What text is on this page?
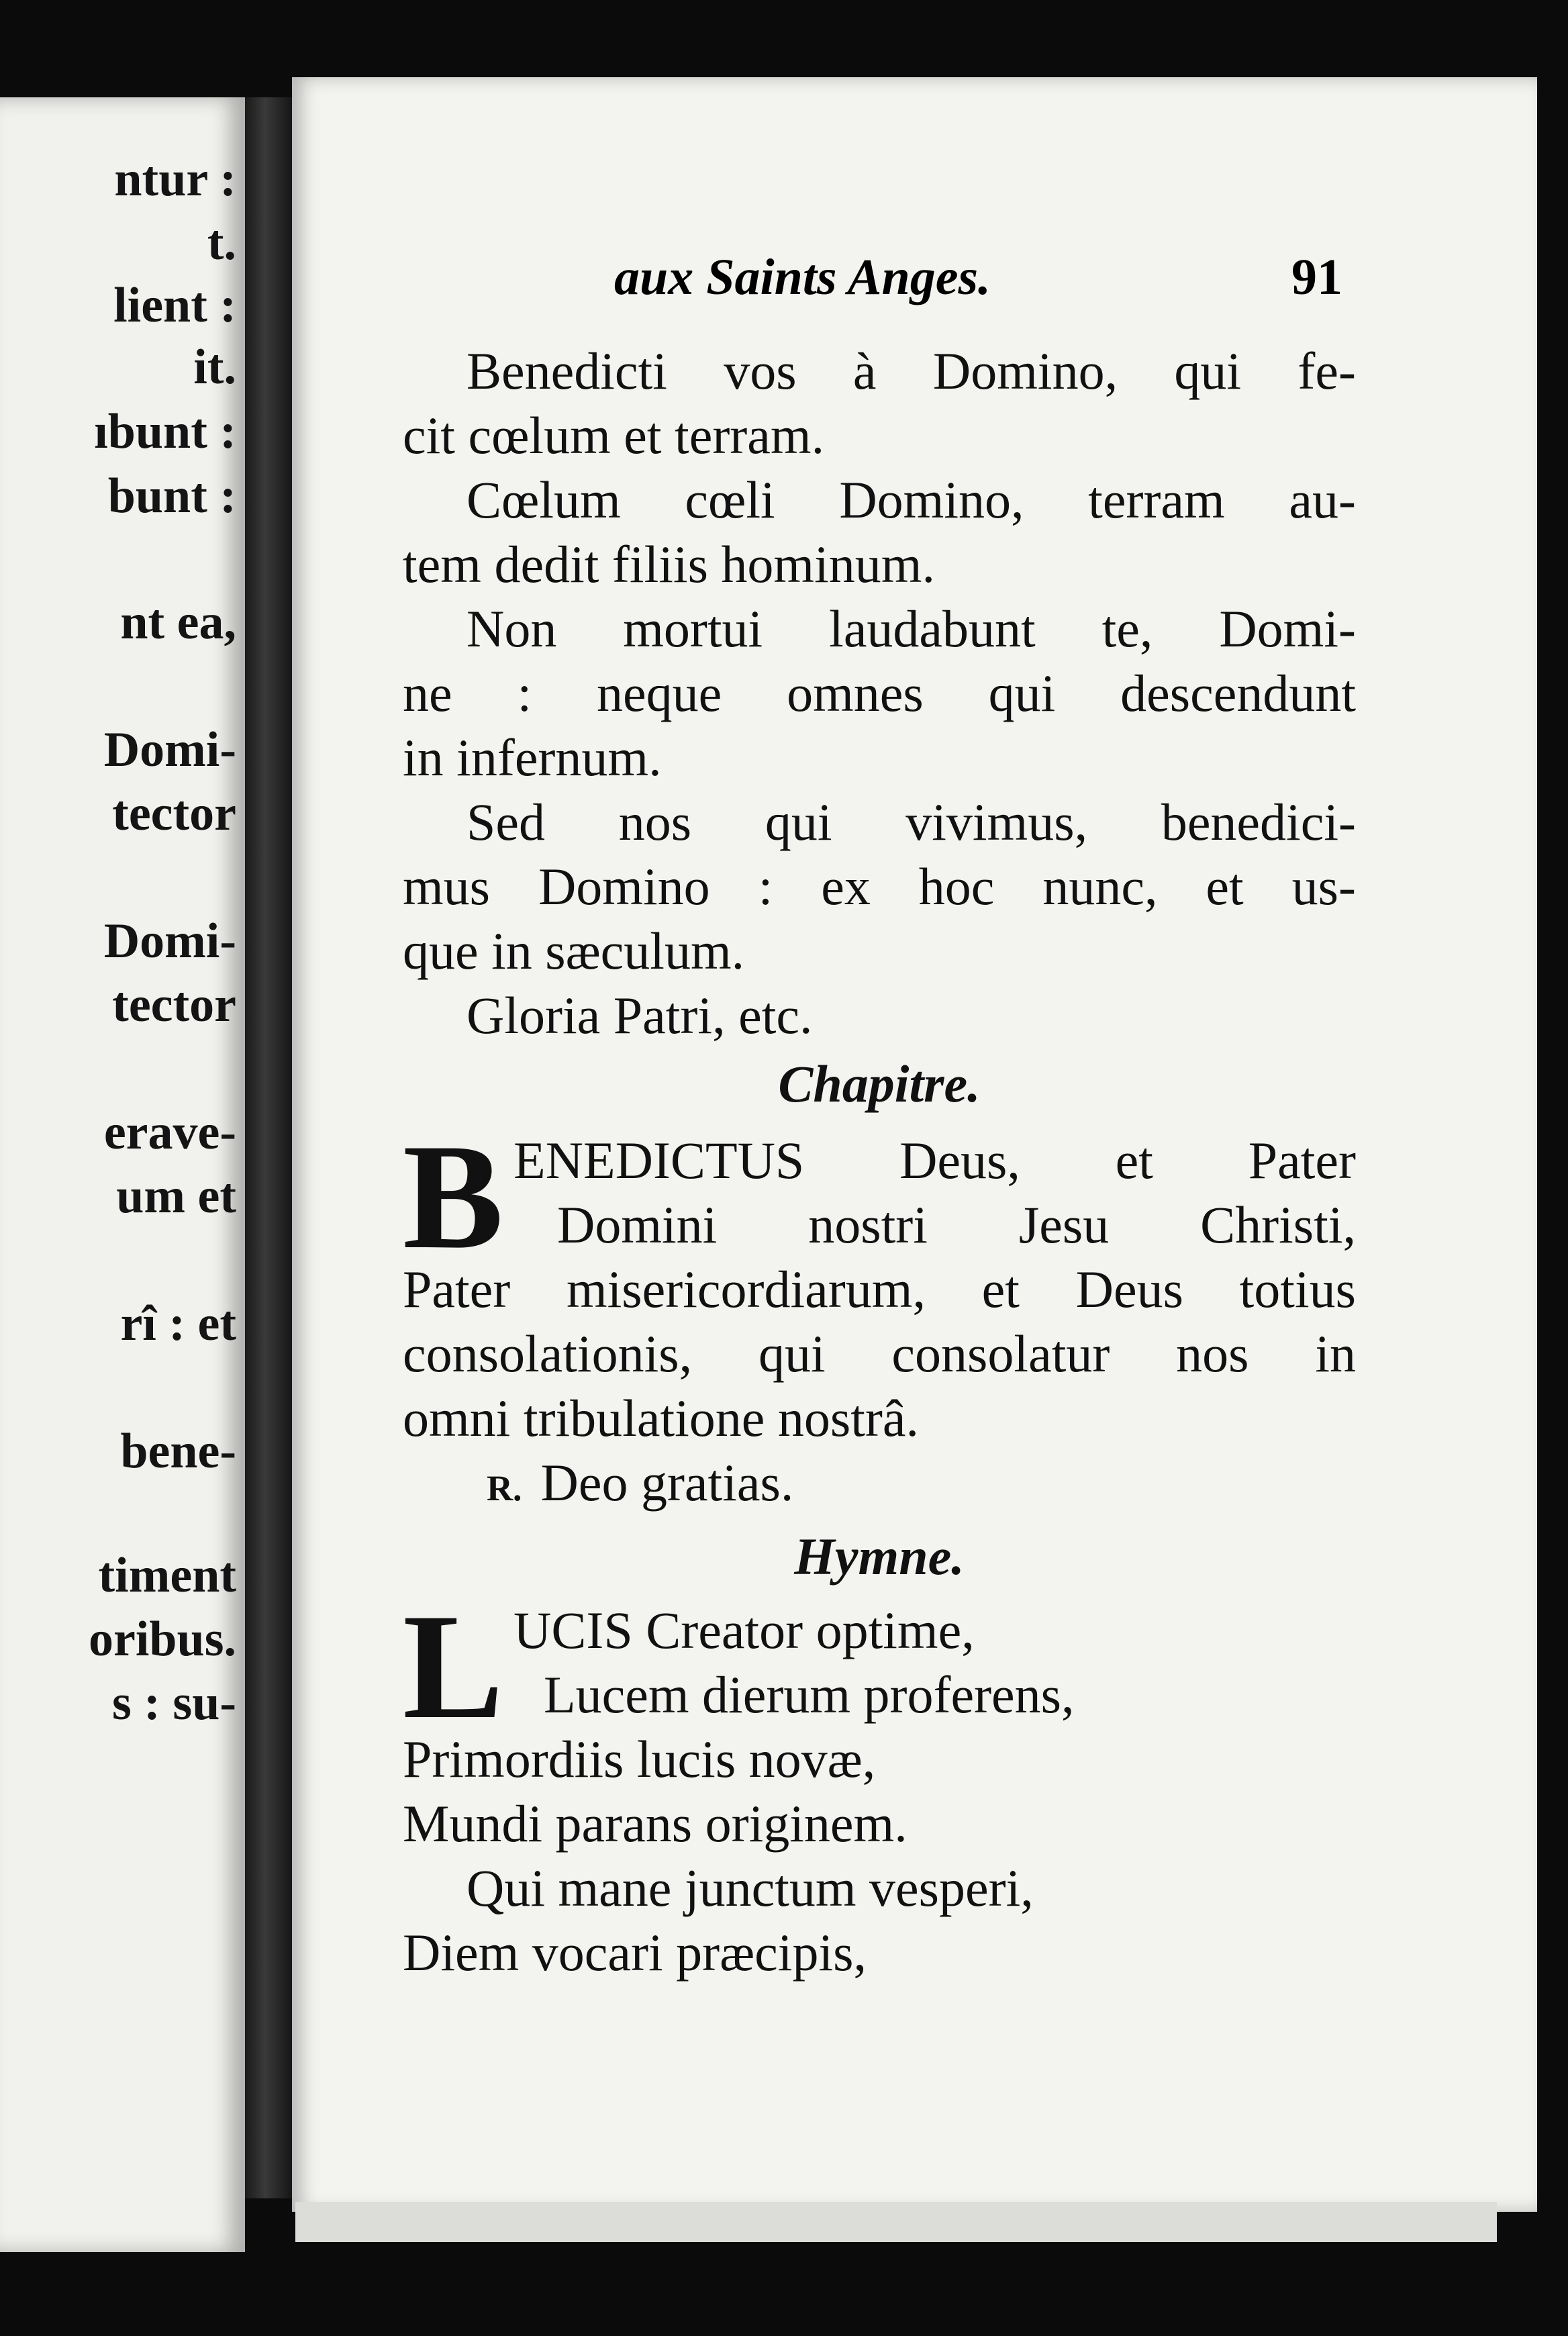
ntur :
t.
lient :
it.
ıbunt :
bunt :
nt ea,
Domi-
tector
Domi-
tector
erave-
um et
rî : et
bene-
timent
oribus.
s : su-
aux Saints Anges.	91
Benedicti vos à Domino, qui fe-
cit cœlum et terram.
Cœlum cœli Domino, terram au-
tem dedit filiis hominum.
Non mortui laudabunt te, Domi-
ne : neque omnes qui descendunt
in infernum.
Sed nos qui vivimus, benedici-
mus Domino : ex hoc nunc, et us-
que in sæculum.
Gloria Patri, etc.
Chapitre.
B ENEDICTUS Deus, et Pater
Domini nostri Jesu Christi,
Pater misericordiarum, et Deus totius
consolationis, qui consolatur nos in
omni tribulatione nostrâ.
R. Deo gratias.
Hymne.
L UCIS Creator optime,
Lucem dierum proferens,
Primordiis lucis novæ,
Mundi parans originem.
Qui mane junctum vesperi,
Diem vocari præcipis,
